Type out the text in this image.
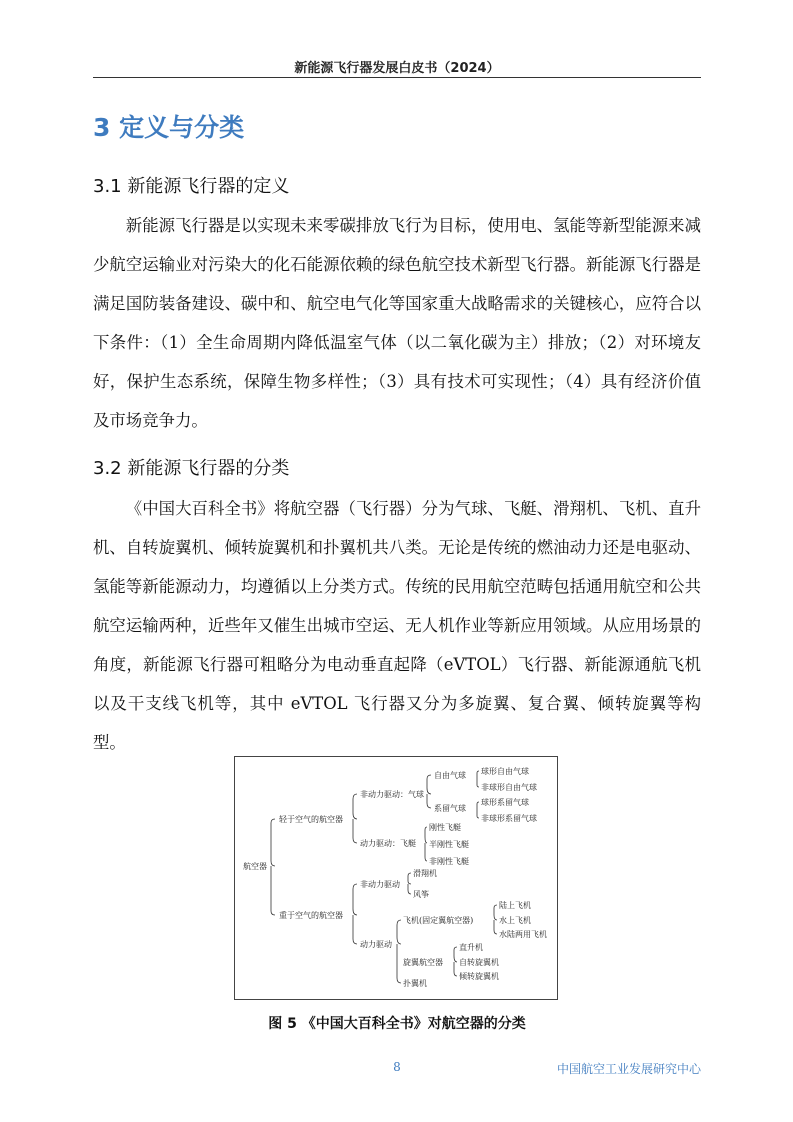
新能源飞行器发展白皮书（2024）
3 定义与分类
3.1 新能源飞行器的定义

新能源飞行器是以实现未来零碳排放飞行为目标，使用电、氢能等新型能源来减少航空运输业对污染大的化石能源依赖的绿色航空技术新型飞行器。新能源飞行器是满足国防装备建设、碳中和、航空电气化等国家重大战略需求的关键核心，应符合以下条件：（1）全生命周期内降低温室气体（以二氧化碳为主）排放；（2）对环境友好，保护生态系统，保障生物多样性；（3）具有技术可实现性；（4）具有经济价值及市场竞争力。

3.2 新能源飞行器的分类

《中国大百科全书》将航空器（飞行器）分为气球、飞艇、滑翔机、飞机、直升机、自转旋翼机、倾转旋翼机和扑翼机共八类。无论是传统的燃油动力还是电驱动、氢能等新能源动力，均遵循以上分类方式。传统的民用航空范畴包括通用航空和公共航空运输两种，近些年又催生出城市空运、无人机作业等新应用领域。从应用场景的角度，新能源飞行器可粗略分为电动垂直起降（eVTOL）飞行器、新能源通航飞机以及干支线飞机等，其中 eVTOL 飞行器又分为多旋翼、复合翼、倾转旋翼等构型。

航空器
轻于空气的航空器
重于空气的航空器
非动力驱动：气球
自由气球 球形自由气球
非球形自由气球
系留气球
球形系留气球
非球形系留气球
动力驱动：飞艇
刚性飞艇
半刚性飞艇
非刚性飞艇
非动力驱动
滑翔机
风筝
动力驱动
飞机(固定翼航空器)
陆上飞机
水上飞机
水陆两用飞机
旋翼航空器
直升机
自转旋翼机
倾转旋翼机
扑翼机
图 5 《中国大百科全书》对航空器的分类
8	中国航空工业发展研究中心
